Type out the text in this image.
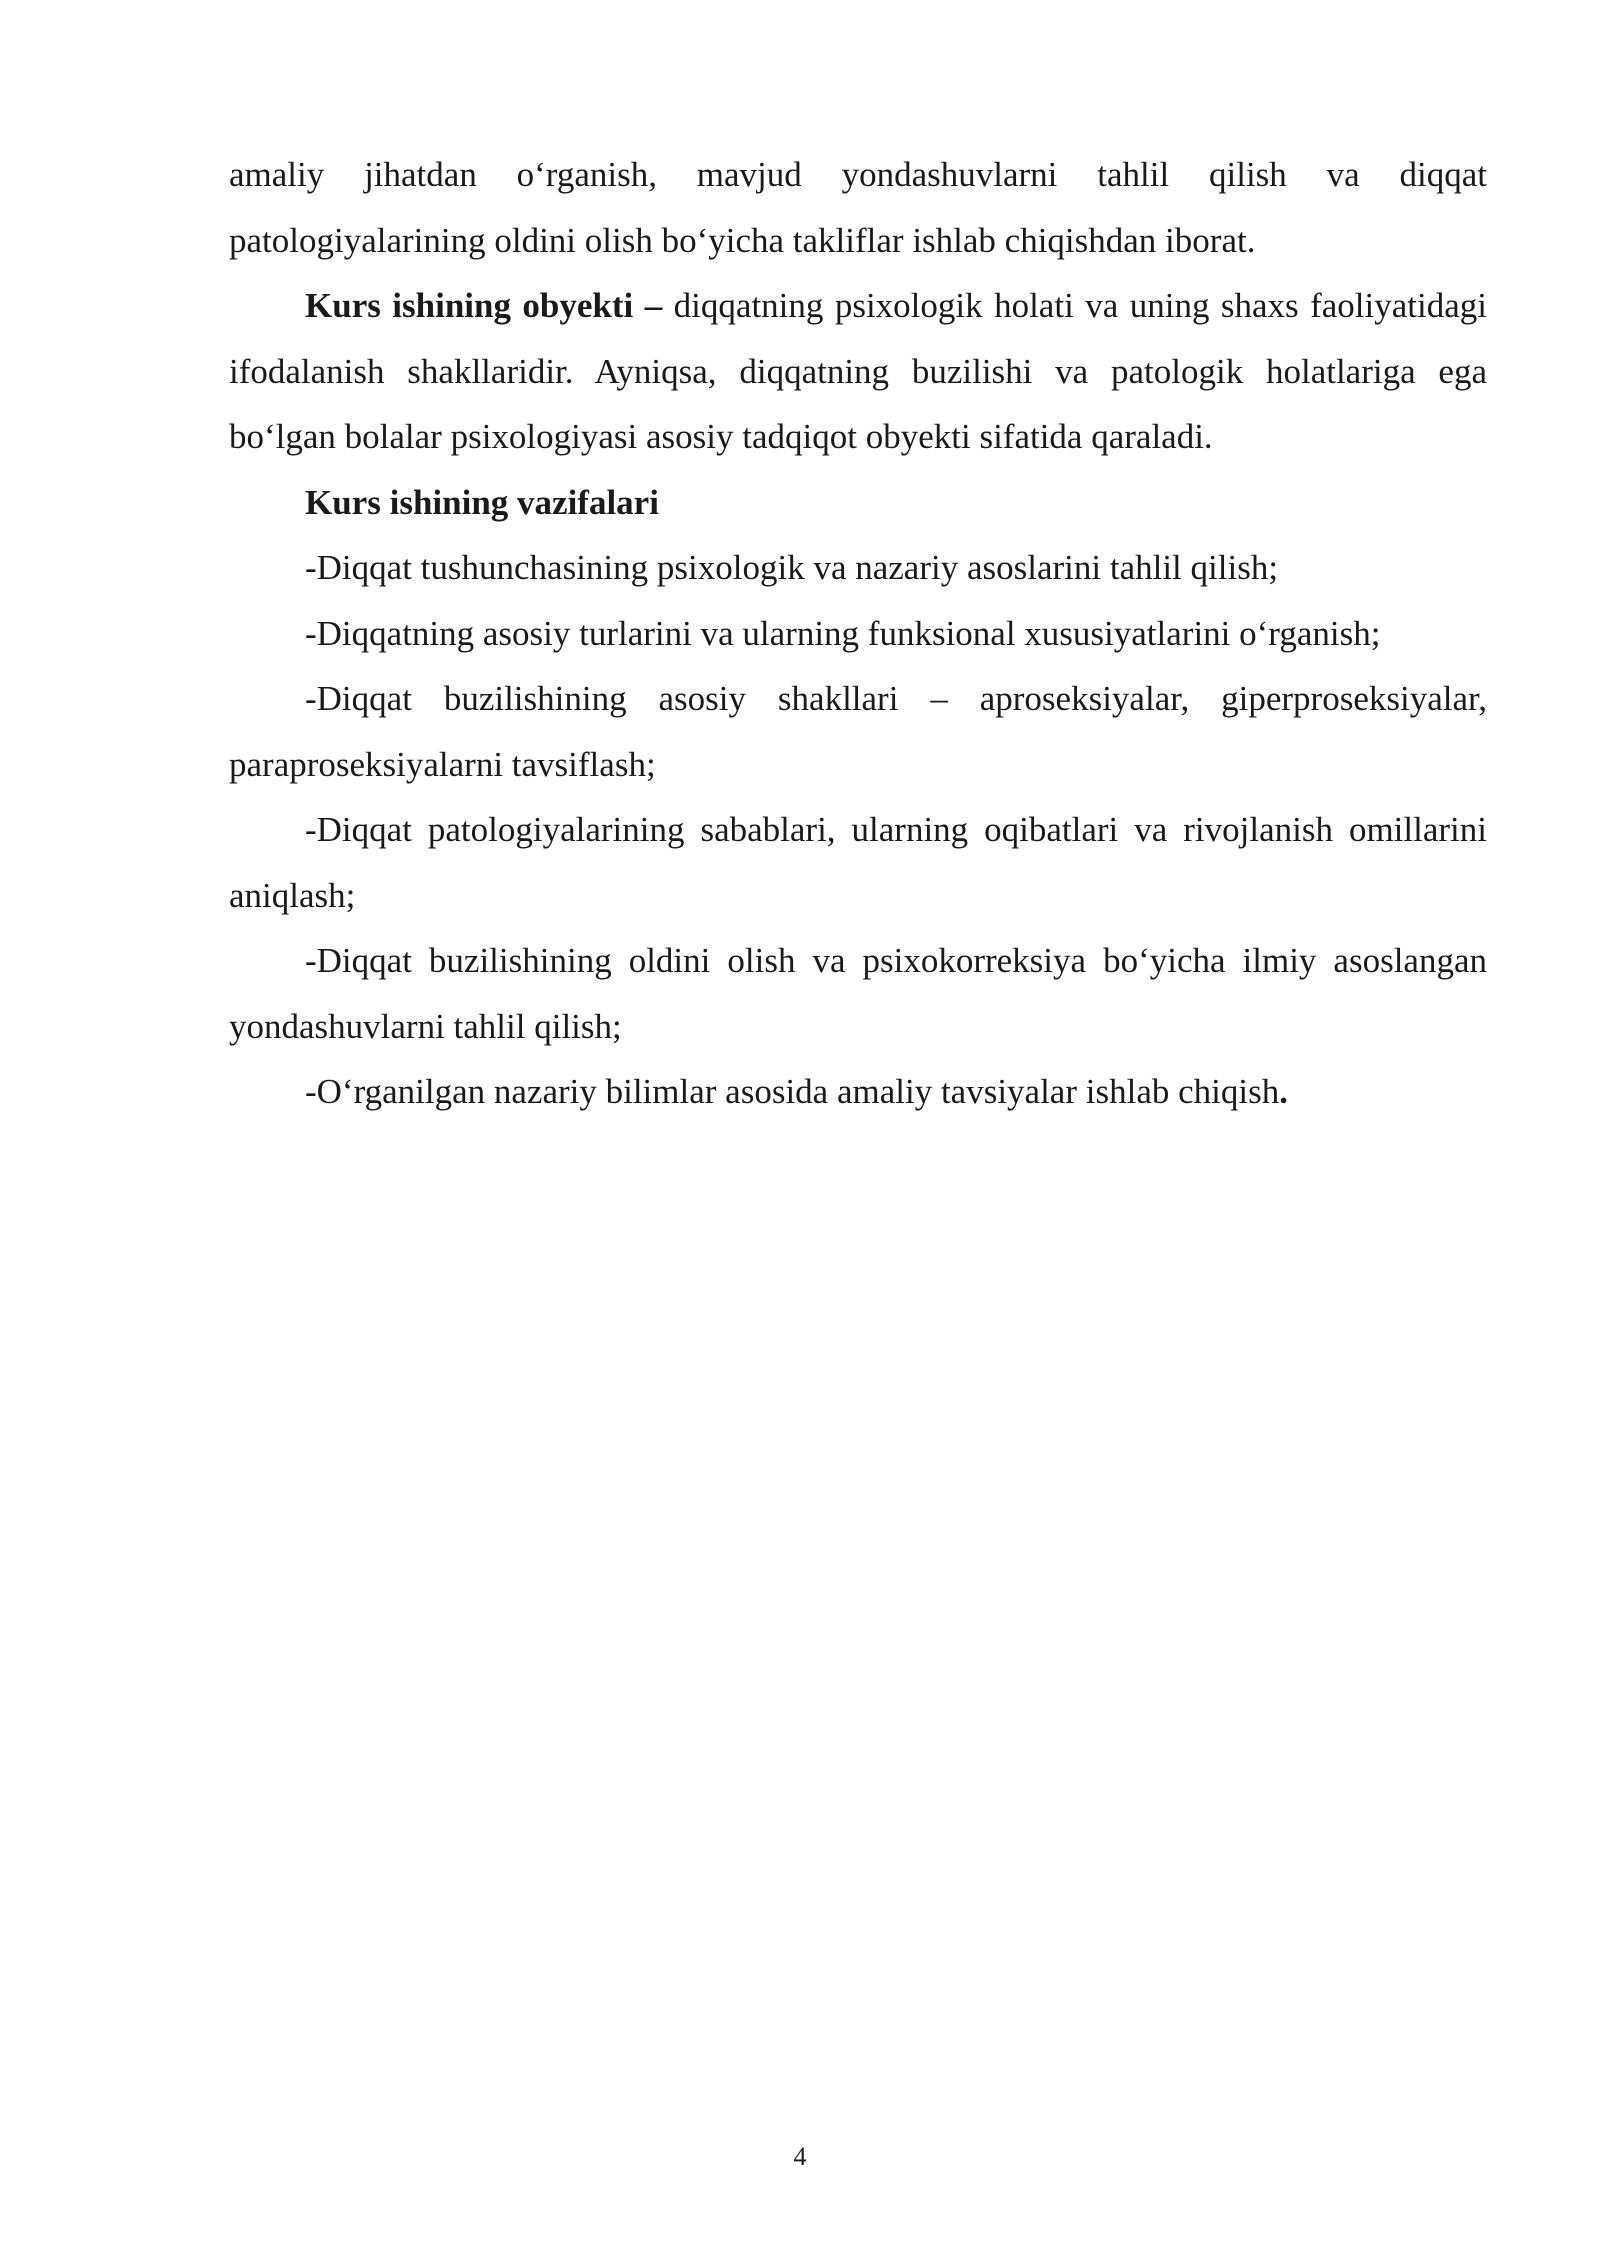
amaliy jihatdan o‘rganish, mavjud yondashuvlarni tahlil qilish va diqqat patologiyalarining oldini olish bo‘yicha takliflar ishlab chiqishdan iborat.

Kurs ishining obyekti – diqqatning psixologik holati va uning shaxs faoliyatidagi ifodalanish shakllaridir. Ayniqsa, diqqatning buzilishi va patologik holatlariga ega bo‘lgan bolalar psixologiyasi asosiy tadqiqot obyekti sifatida qaraladi.

Kurs ishining vazifalari

-Diqqat tushunchasining psixologik va nazariy asoslarini tahlil qilish;

-Diqqatning asosiy turlarini va ularning funksional xususiyatlarini o‘rganish;

-Diqqat buzilishining asosiy shakllari – aproseksiyalar, giperproseksiyalar, paraproseksiyalarni tavsiflash;

-Diqqat patologiyalarining sabablari, ularning oqibatlari va rivojlanish omillarini aniqlash;

-Diqqat buzilishining oldini olish va psixokorreksiya bo‘yicha ilmiy asoslangan yondashuvlarni tahlil qilish;

-O‘rganilgan nazariy bilimlar asosida amaliy tavsiyalar ishlab chiqish.

4
